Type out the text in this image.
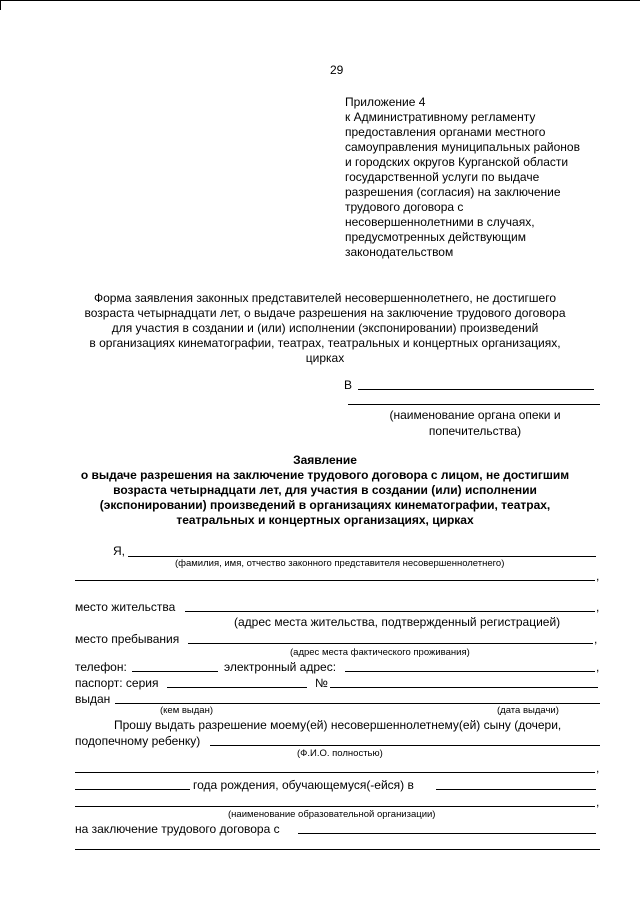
29
Приложение 4
к Административному регламенту
предоставления органами местного
самоуправления муниципальных районов
и городских округов Курганской области
государственной услуги по выдаче
разрешения (согласия) на заключение
трудового договора с
несовершеннолетними в случаях,
предусмотренных действующим
законодательством
Форма заявления законных представителей несовершеннолетнего, не достигшего
возраста четырнадцати лет, о выдаче разрешения на заключение трудового договора
для участия в создании и (или) исполнении (экспонировании) произведений
в организациях кинематографии, театрах, театральных и концертных организациях,
цирках
В
(наименование органа опеки и
попечительства)
Заявление
о выдаче разрешения на заключение трудового договора с лицом, не достигшим
возраста четырнадцати лет, для участия в создании (или) исполнении
(экспонировании) произведений в организациях кинематографии, театрах,
театральных и концертных организациях, цирках
Я,
(фамилия, имя, отчество законного представителя несовершеннолетнего)
,
место жительства	,
(адрес места жительства, подтвержденный регистрацией)
место пребывания	,
(адрес места фактического проживания)
телефон:	электронный адрес:	,
паспорт: серия	№
выдан
(кем выдан)	(дата выдачи)
Прошу выдать разрешение моему(ей) несовершеннолетнему(ей) сыну (дочери,
подопечному ребенку)
(Ф.И.О. полностью)
,
года рождения, обучающемуся(-ейся) в
,
(наименование образовательной организации)
на заключение трудового договора с
